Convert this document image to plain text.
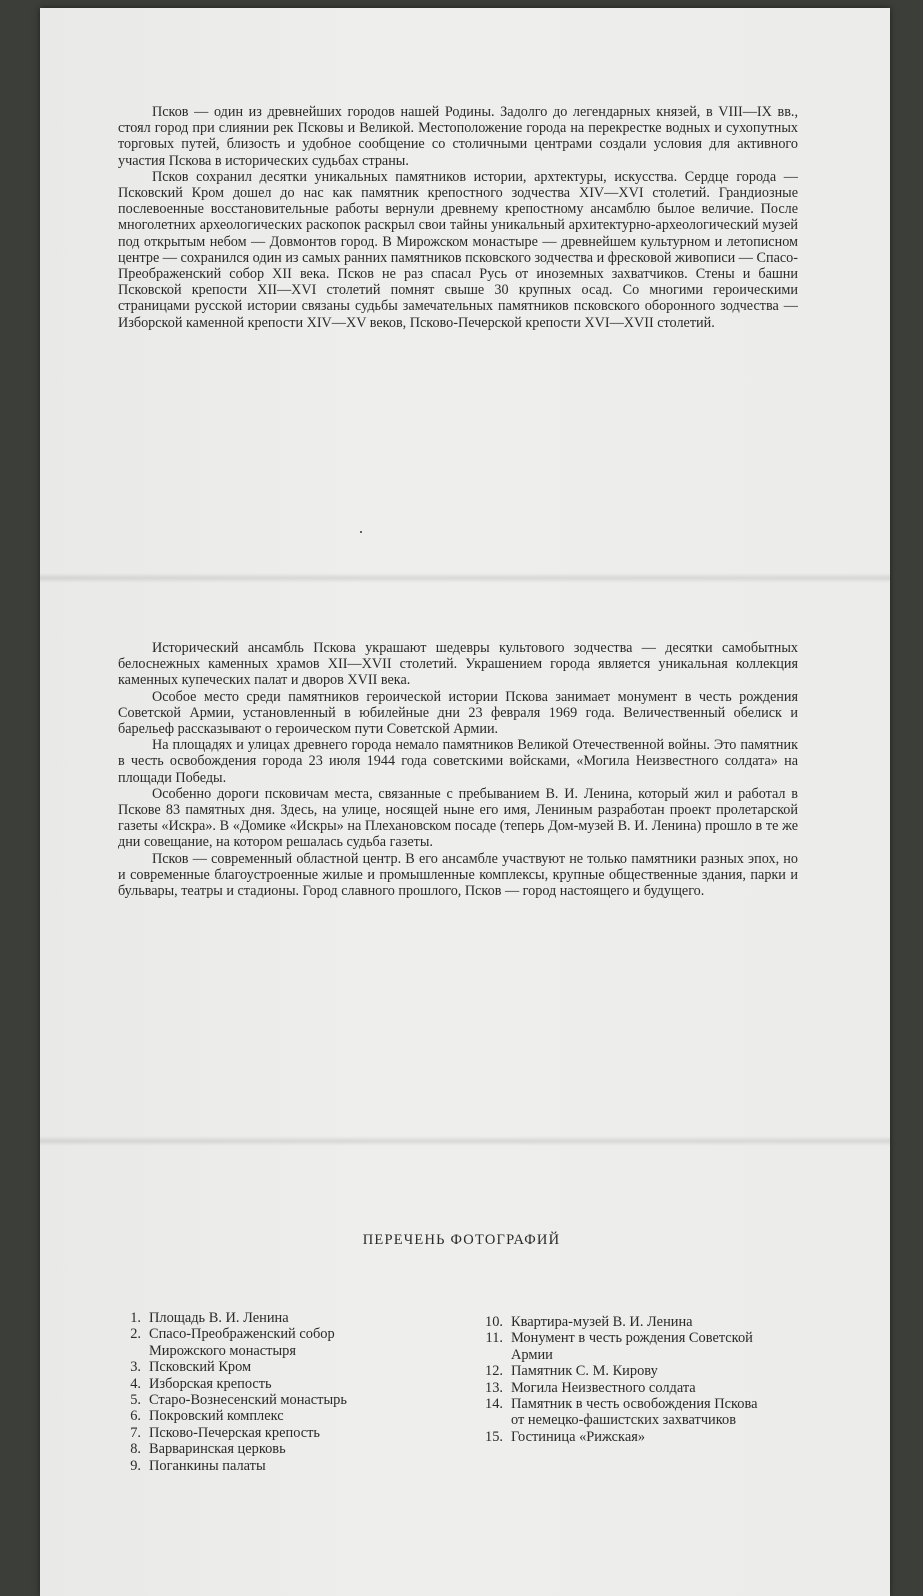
Псков — один из древнейших городов нашей Родины. Задолго до легендарных князей, в VIII—IX вв., стоял город при слиянии рек Псковы и Великой. Местоположение города на перекрестке водных и сухопутных торговых путей, близость и удобное сообщение со столичными центрами создали условия для активного участия Пскова в исторических судьбах страны.

Псков сохранил десятки уникальных памятников истории, архтектуры, искусства. Сердце города — Псковский Кром дошел до нас как памятник крепостного зодчества XIV—XVI столетий. Грандиозные послевоенные восстановительные работы вернули древнему крепостному ансамблю былое величие. После многолетних археологических раскопок раскрыл свои тайны уникальный архитектурно-археологический музей под открытым небом — Довмонтов город. В Мирожском монастыре — древнейшем культурном и летописном центре — сохранился один из самых ранних памятников псковского зодчества и фресковой живописи — Спасо-Преображенский собор XII века. Псков не раз спасал Русь от иноземных захватчиков. Стены и башни Псковской крепости XII—XVI столетий помнят свыше 30 крупных осад. Со многими героическими страницами русской истории связаны судьбы замечательных памятников псковского оборонного зодчества — Изборской каменной крепости XIV—XV веков, Псково-Печерской крепости XVI—XVII столетий.

Исторический ансамбль Пскова украшают шедевры культового зодчества — десятки самобытных белоснежных каменных храмов XII—XVII столетий. Украшением города является уникальная коллекция каменных купеческих палат и дворов XVII века.

Особое место среди памятников героической истории Пскова занимает монумент в честь рождения Советской Армии, установленный в юбилейные дни 23 февраля 1969 года. Величественный обелиск и барельеф рассказывают о героическом пути Советской Армии.

На площадях и улицах древнего города немало памятников Великой Отечественной войны. Это памятник в честь освобождения города 23 июля 1944 года советскими войсками, «Могила Неизвестного солдата» на площади Победы.

Особенно дороги псковичам места, связанные с пребыванием В. И. Ленина, который жил и работал в Пскове 83 памятных дня. Здесь, на улице, носящей ныне его имя, Лениным разработан проект пролетарской газеты «Искра». В «Домике «Искры» на Плехановском посаде (теперь Дом-музей В. И. Ленина) прошло в те же дни совещание, на котором решалась судьба газеты.

Псков — современный областной центр. В его ансамбле участвуют не только памятники разных эпох, но и современные благоустроенные жилые и промышленные комплексы, крупные общественные здания, парки и бульвары, театры и стадионы. Город славного прошлого, Псков — город настоящего и будущего.

ПЕРЕЧЕНЬ ФОТОГРАФИЙ
1. Площадь В. И. Ленина
2. Спасо-Преображенский собор Мирожского монастыря
3. Псковский Кром
4. Изборская крепость
5. Старо-Вознесенский монастырь
6. Покровский комплекс
7. Псково-Печерская крепость
8. Варваринская церковь
9. Поганкины палаты
10. Квартира-музей В. И. Ленина
11. Монумент в честь рождения Советской Армии
12. Памятник С. М. Кирову
13. Могила Неизвестного солдата
14. Памятник в честь освобождения Пскова от немецко-фашистских захватчиков
15. Гостиница «Рижская»
